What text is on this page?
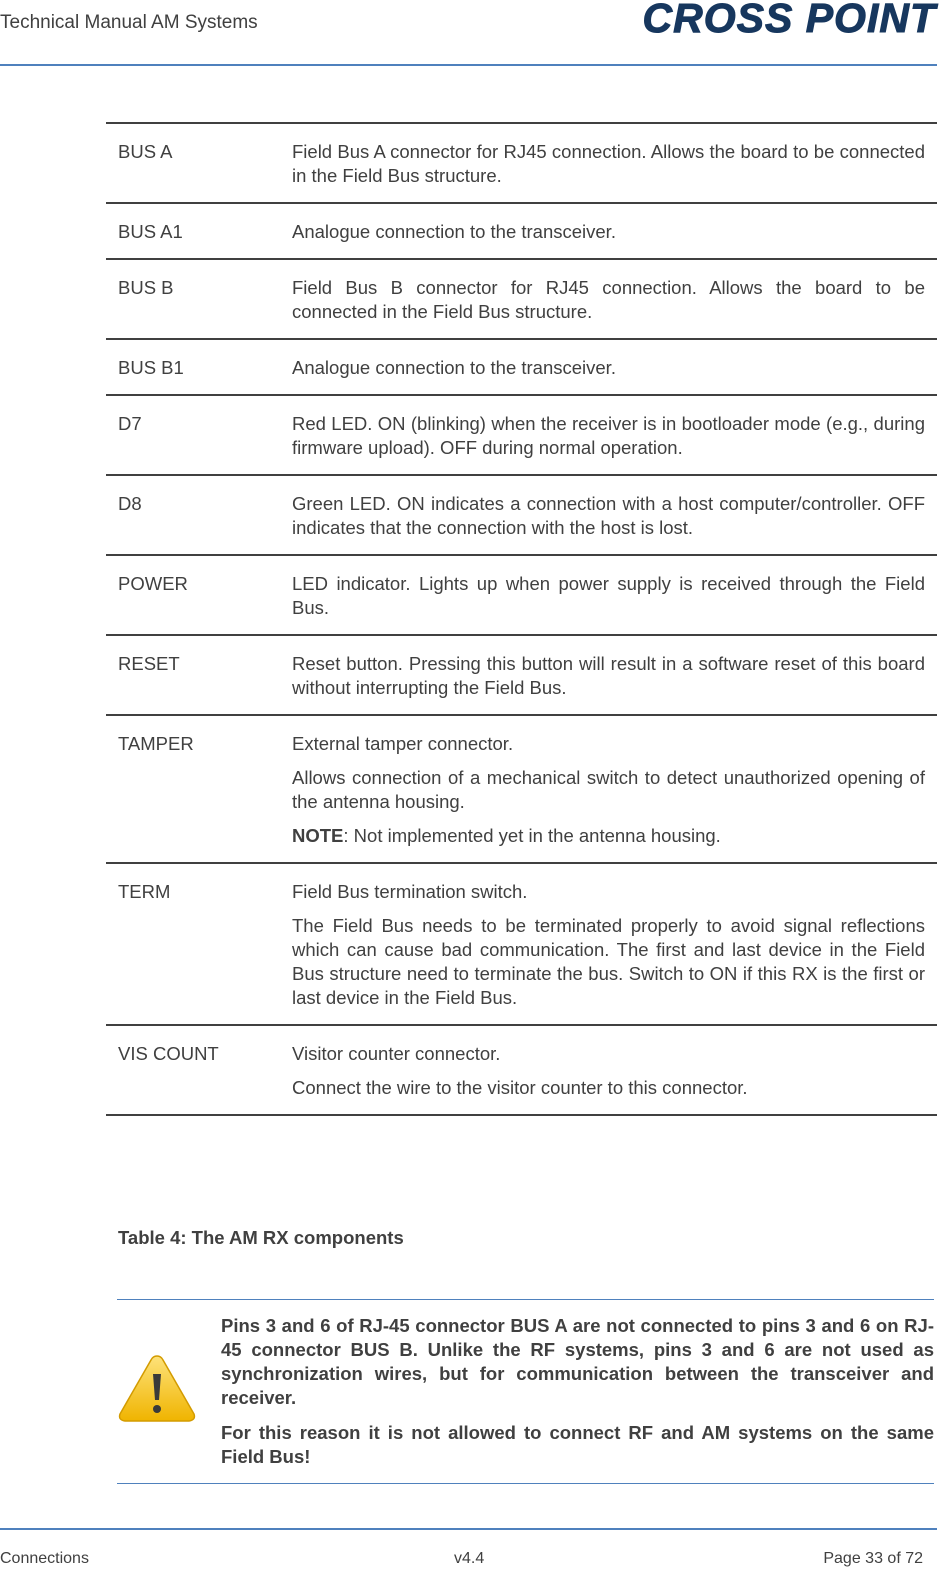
Technical Manual AM Systems	CROSS POINT
BUS A	Field Bus A connector for RJ45 connection. Allows the board to be connected in the Field Bus structure.

BUS A1	Analogue connection to the transceiver.

BUS B	Field Bus B connector for RJ45 connection. Allows the board to be connected in the Field Bus structure.

BUS B1	Analogue connection to the transceiver.

D7	Red LED. ON (blinking) when the receiver is in bootloader mode (e.g., during firmware upload). OFF during normal operation.

D8	Green LED. ON indicates a connection with a host computer/controller. OFF indicates that the connection with the host is lost.

POWER	LED indicator. Lights up when power supply is received through the Field Bus.

RESET	Reset button. Pressing this button will result in a software reset of this board without interrupting the Field Bus.

TAMPER	External tamper connector.

Allows connection of a mechanical switch to detect unauthorized opening of the antenna housing.

NOTE: Not implemented yet in the antenna housing.

TERM	Field Bus termination switch.

The Field Bus needs to be terminated properly to avoid signal reflections which can cause bad communication. The first and last device in the Field Bus structure need to terminate the bus. Switch to ON if this RX is the first or last device in the Field Bus.

VIS COUNT	Visitor counter connector.

Connect the wire to the visitor counter to this connector.

Table 4: The AM RX components

Pins 3 and 6 of RJ-45 connector BUS A are not connected to pins 3 and 6 on RJ-45 connector BUS B. Unlike the RF systems, pins 3 and 6 are not used as synchronization wires, but for communication between the transceiver and receiver.

For this reason it is not allowed to connect RF and AM systems on the same Field Bus!

Connections	v4.4	Page 33 of 72
